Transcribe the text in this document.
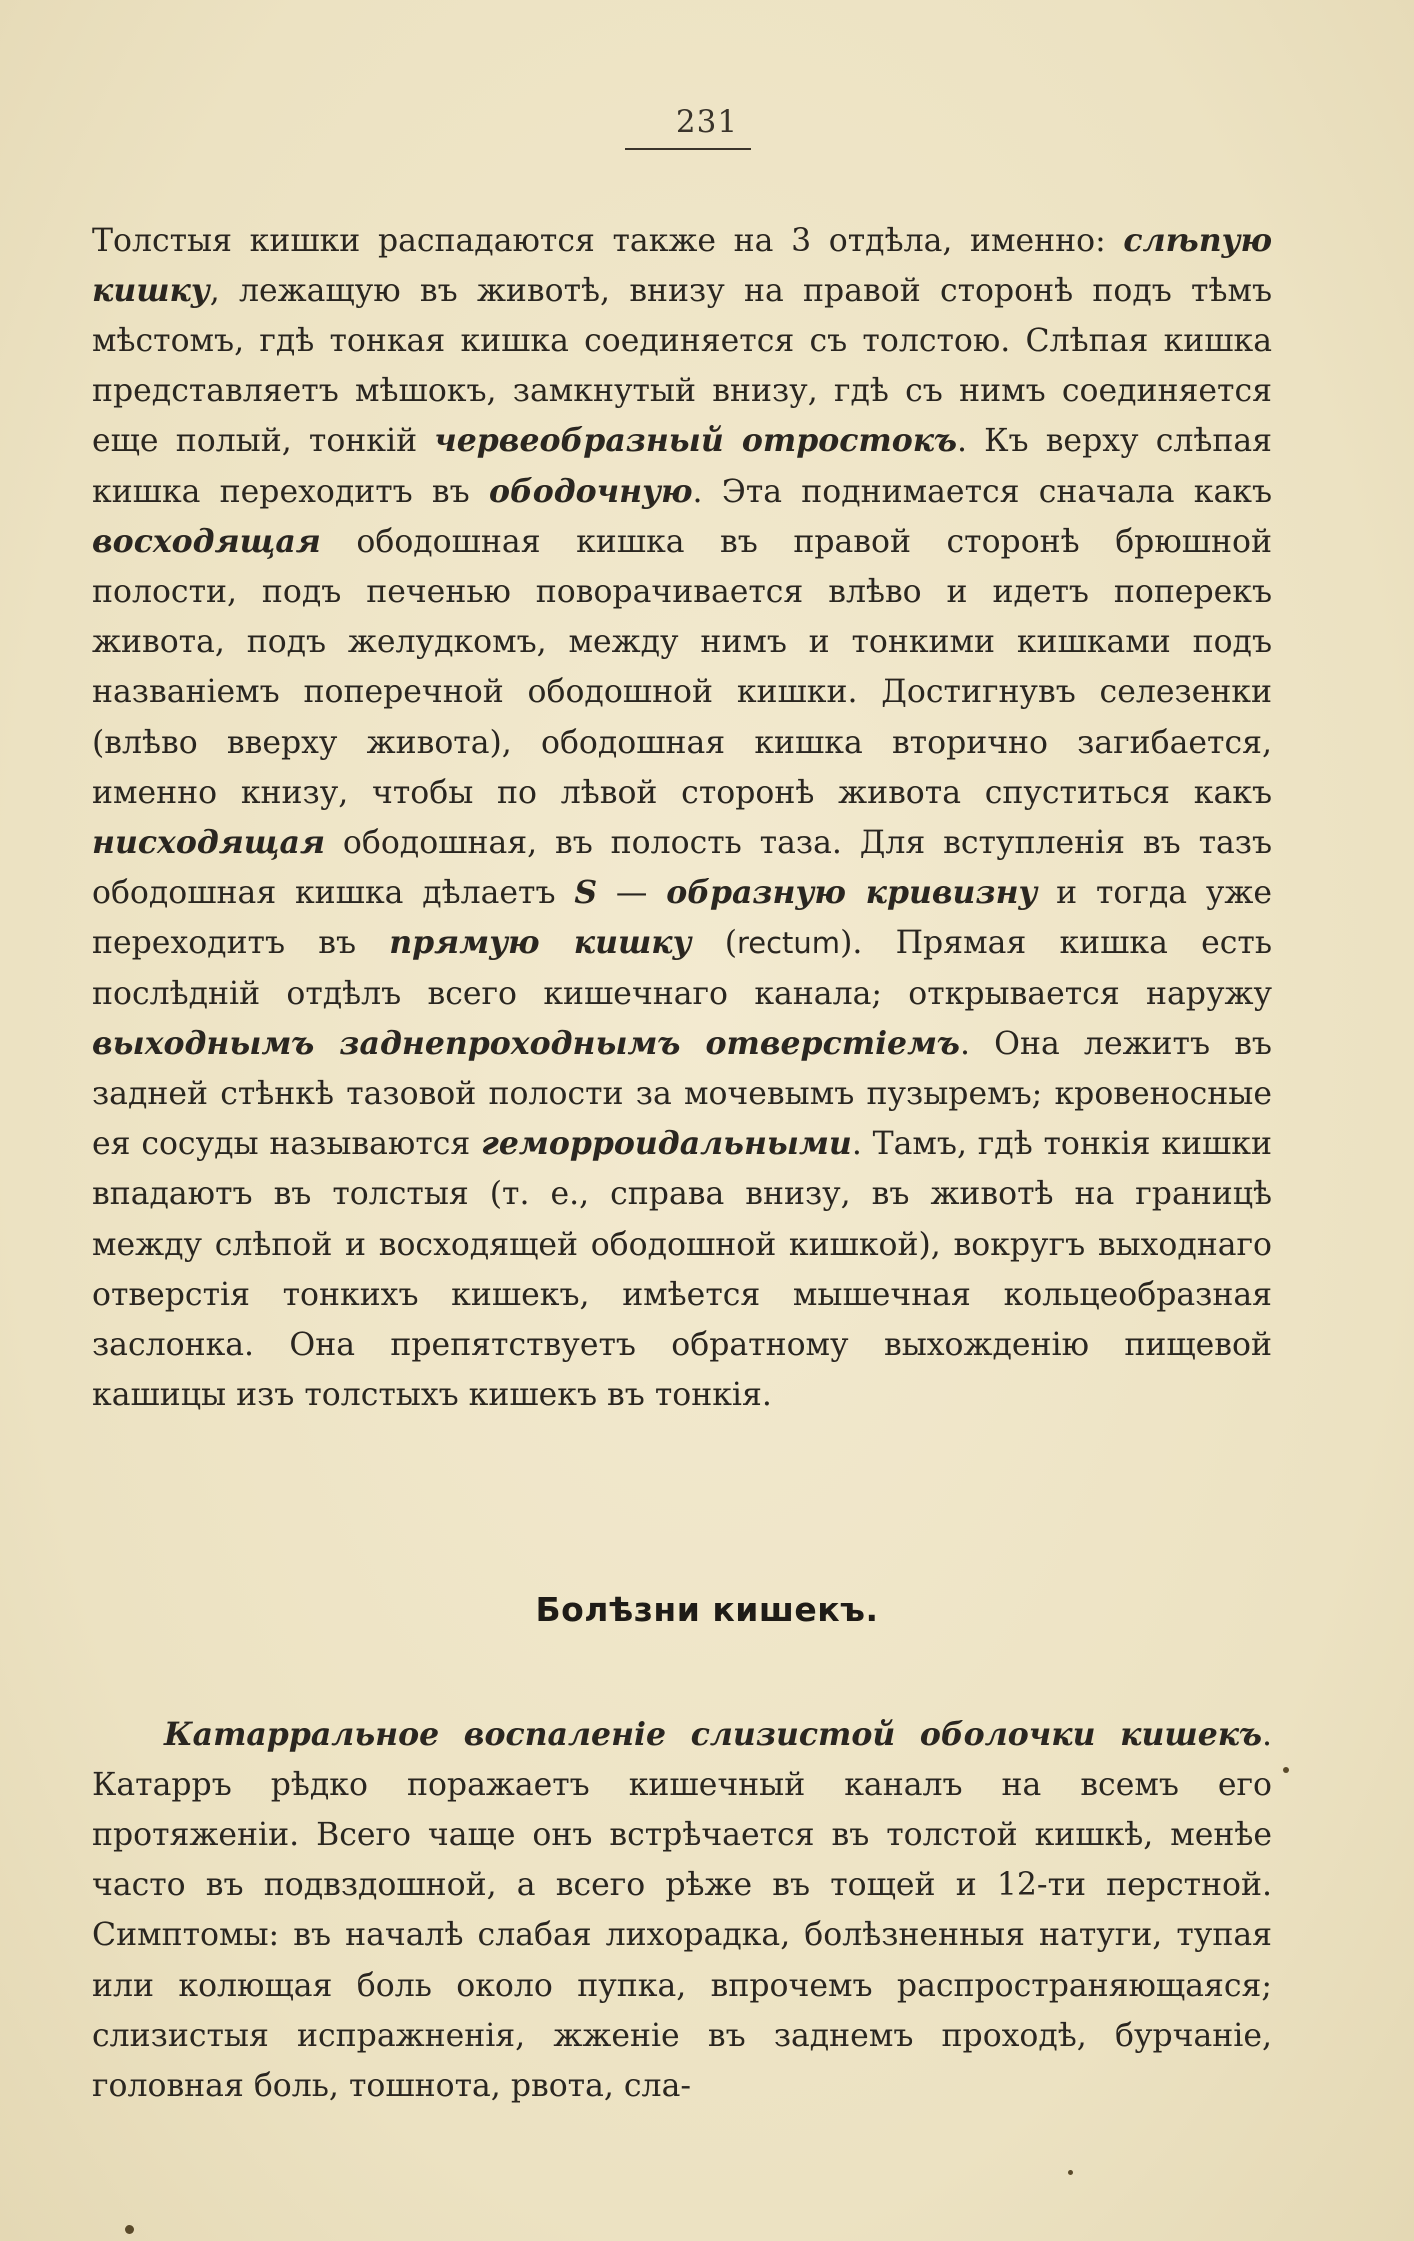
231

Толстыя кишки распадаются также на 3 отдѣла, именно: слѣпую кишку, лежащую въ животѣ, внизу на правой сторонѣ подъ тѣмъ мѣстомъ, гдѣ тонкая кишка соединяется съ толстою. Слѣпая кишка представляетъ мѣшокъ, замкнутый внизу, гдѣ съ нимъ соединяется еще полый, тонкій червеобразный отростокъ. Къ верху слѣпая кишка переходитъ въ ободочную. Эта поднимается сначала какъ восходящая ободошная кишка въ правой сторонѣ брюшной полости, подъ печенью поворачивается влѣво и идетъ поперекъ живота, подъ желудкомъ, между нимъ и тонкими кишками подъ названіемъ поперечной ободошной кишки. Достигнувъ селезенки (влѣво вверху живота), ободошная кишка вторично загибается, именно книзу, чтобы по лѣвой сторонѣ живота спуститься какъ нисходящая ободошная, въ полость таза. Для вступленія въ тазъ ободошная кишка дѣлаетъ S — образную кривизну и тогда уже переходитъ въ прямую кишку (rectum). Прямая кишка есть послѣдній отдѣлъ всего кишечнаго канала; открывается наружу выходнымъ заднепроходнымъ отверстіемъ. Она лежитъ въ задней стѣнкѣ тазовой полости за мочевымъ пузыремъ; кровеносные ея сосуды называются геморроидальными. Тамъ, гдѣ тонкія кишки впадаютъ въ толстыя (т. е., справа внизу, въ животѣ на границѣ между слѣпой и восходящей ободошной кишкой), вокругъ выходнаго отверстія тонкихъ кишекъ, имѣется мышечная кольцеобразная заслонка. Она препятствуетъ обратному выхожденію пищевой кашицы изъ толстыхъ кишекъ въ тонкія.

Болѣзни кишекъ.

Катарральное воспаленіе слизистой оболочки кишекъ. Катарръ рѣдко поражаетъ кишечный каналъ на всемъ его протяженіи. Всего чаще онъ встрѣчается въ толстой кишкѣ, менѣе часто въ подвздошной, а всего рѣже въ тощей и 12-ти перстной. Симптомы: въ началѣ слабая лихорадка, болѣзненныя натуги, тупая или колющая боль около пупка, впрочемъ распространяющаяся; слизистыя испражненія, жженіе въ заднемъ проходѣ, бурчаніе, головная боль, тошнота, рвота, сла-
